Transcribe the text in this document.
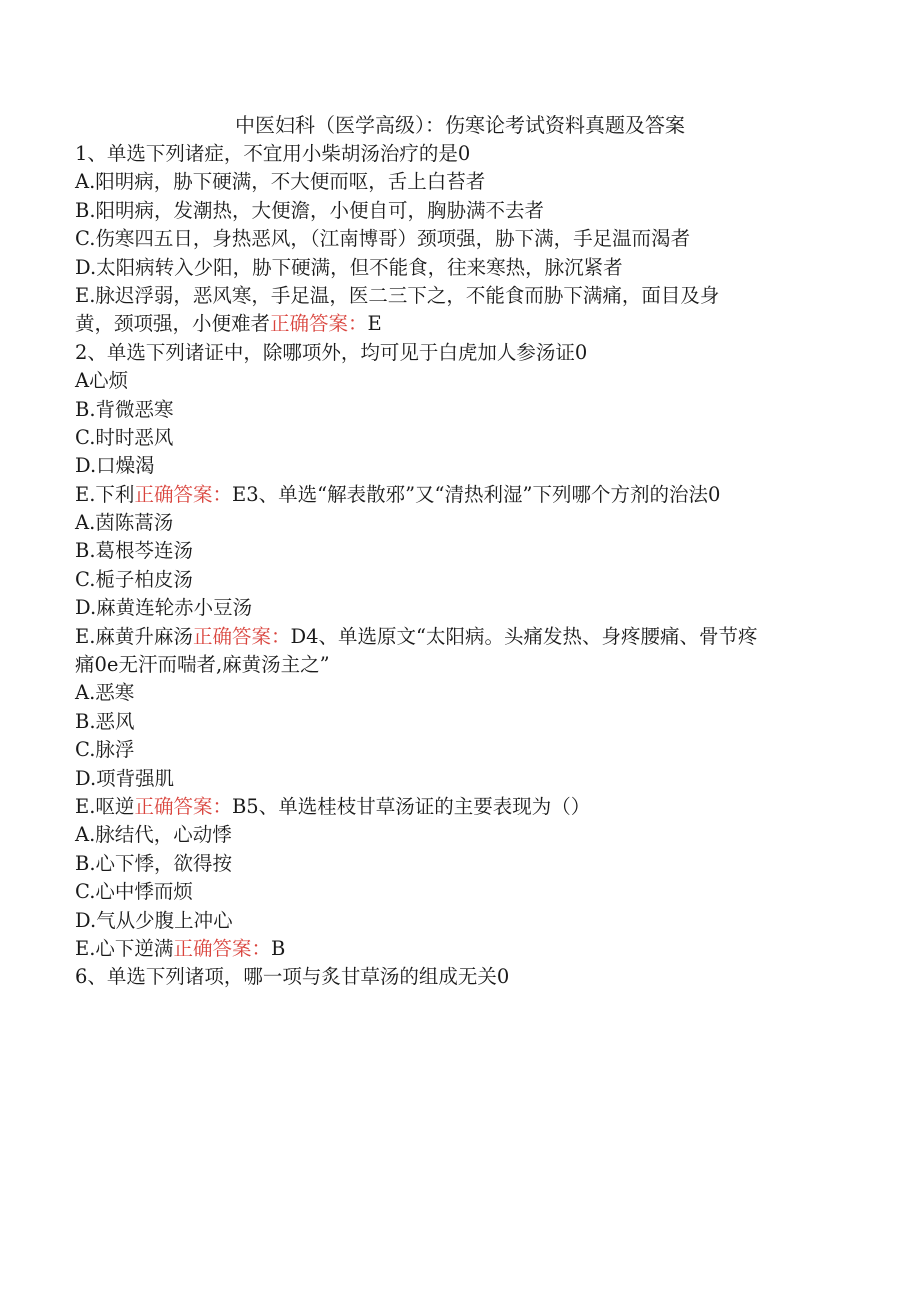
中医妇科（医学高级）：伤寒论考试资料真题及答案
1、单选下列诸症，不宜用小柴胡汤治疗的是0
A.阳明病，胁下硬满，不大便而呕，舌上白苔者
B.阳明病，发潮热，大便澹，小便自可，胸胁满不去者
C.伤寒四五日，身热恶风，（江南博哥）颈项强，胁下满，手足温而渴者
D.太阳病转入少阳，胁下硬满，但不能食，往来寒热，脉沉紧者
E.脉迟浮弱，恶风寒，手足温，医二三下之，不能食而胁下满痛，面目及身
黄，颈项强，小便难者正确答案：E
2、单选下列诸证中，除哪项外，均可见于白虎加人参汤证0
A心烦
B.背微恶寒
C.时时恶风
D.口燥渴
E.下利正确答案：E3、单选“解表散邪”又“清热利湿”下列哪个方剂的治法0
A.茵陈蒿汤
B.葛根芩连汤
C.栀子柏皮汤
D.麻黄连轮赤小豆汤
E.麻黄升麻汤正确答案：D4、单选原文“太阳病。头痛发热、身疼腰痛、骨节疼
痛0e无汗而喘者,麻黄汤主之”
A.恶寒
B.恶风
C.脉浮
D.项背强肌
E.呕逆正确答案：B5、单选桂枝甘草汤证的主要表现为（）
A.脉结代，心动悸
B.心下悸，欲得按
C.心中悸而烦
D.气从少腹上冲心
E.心下逆满正确答案：B
6、单选下列诸项，哪一项与炙甘草汤的组成无关0
